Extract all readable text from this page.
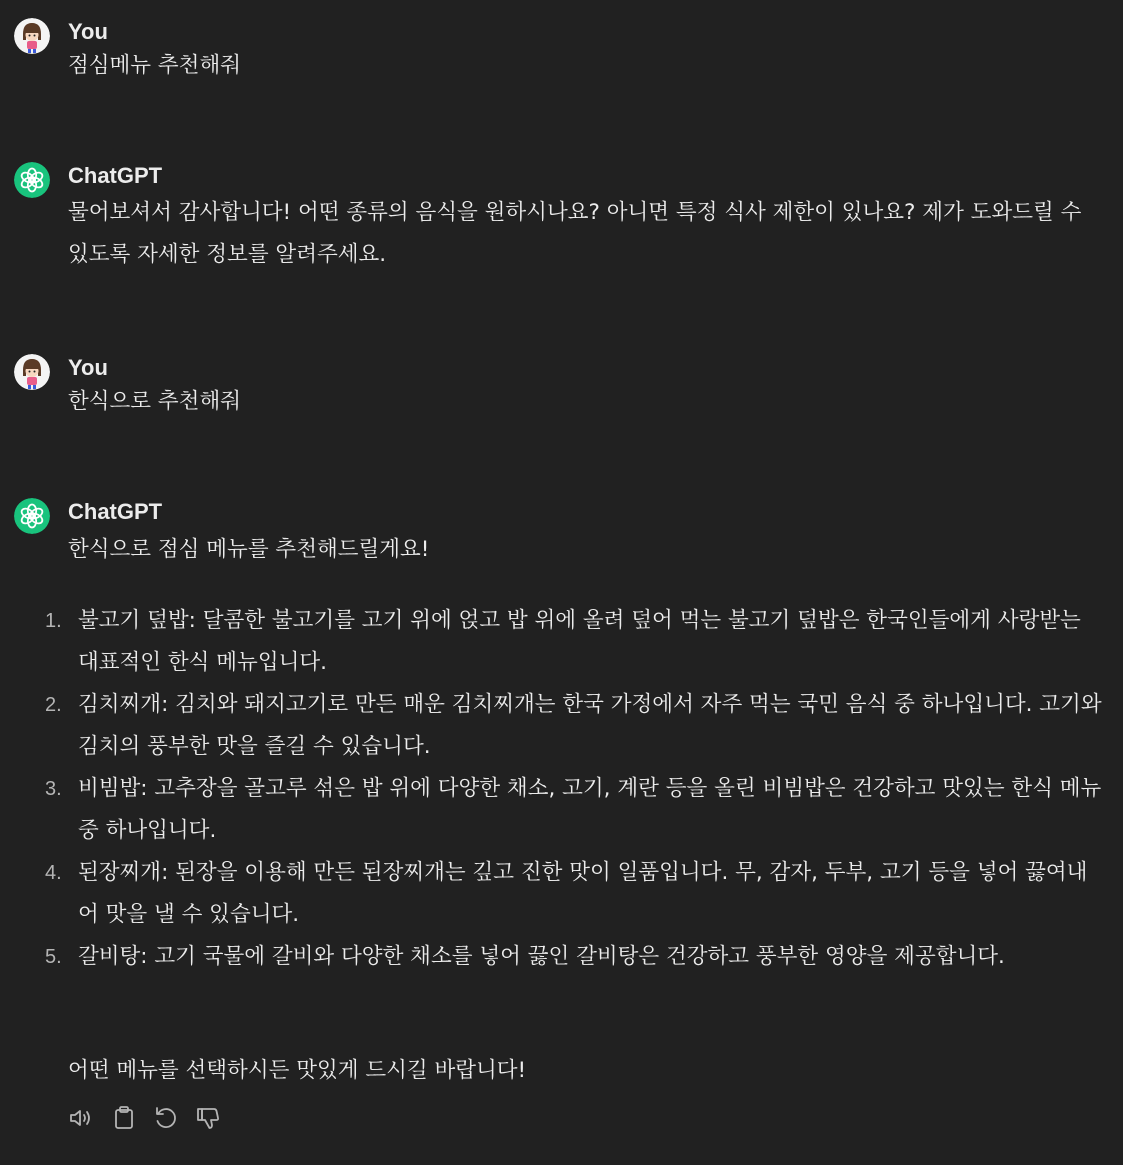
You
점심메뉴 추천해줘
ChatGPT
물어보셔서 감사합니다! 어떤 종류의 음식을 원하시나요? 아니면 특정 식사 제한이 있나요? 제가 도와드릴 수 있도록 자세한 정보를 알려주세요.
You
한식으로 추천해줘
ChatGPT
한식으로 점심 메뉴를 추천해드릴게요!
1. 불고기 덮밥: 달콤한 불고기를 고기 위에 얹고 밥 위에 올려 덮어 먹는 불고기 덮밥은 한국인들에게 사랑받는 대표적인 한식 메뉴입니다.
2. 김치찌개: 김치와 돼지고기로 만든 매운 김치찌개는 한국 가정에서 자주 먹는 국민 음식 중 하나입니다. 고기와 김치의 풍부한 맛을 즐길 수 있습니다.
3. 비빔밥: 고추장을 골고루 섞은 밥 위에 다양한 채소, 고기, 계란 등을 올린 비빔밥은 건강하고 맛있는 한식 메뉴 중 하나입니다.
4. 된장찌개: 된장을 이용해 만든 된장찌개는 깊고 진한 맛이 일품입니다. 무, 감자, 두부, 고기 등을 넣어 끓여내어 맛을 낼 수 있습니다.
5. 갈비탕: 고기 국물에 갈비와 다양한 채소를 넣어 끓인 갈비탕은 건강하고 풍부한 영양을 제공합니다.
어떤 메뉴를 선택하시든 맛있게 드시길 바랍니다!
